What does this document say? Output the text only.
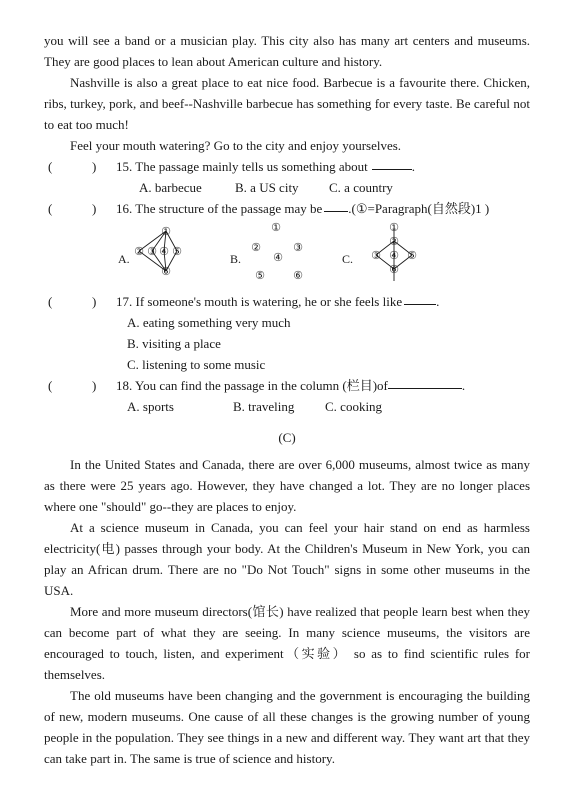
you will see a band or a musician play. This city also has many art centers and museums. They are good places to lean about American culture and history.

Nashville is also a great place to eat nice food. Barbecue is a favourite there. Chicken, ribs, turkey, pork, and beef--Nashville barbecue has something for every taste. Be careful not to eat too much!

Feel your mouth watering? Go to the city and enjoy yourselves.

(	) 15. The passage mainly tells us something about	.
A. barbecue	B. a US city	C. a country
(	) 16. The structure of the passage may be .(①=Paragraph(自然段)1 )
A.
①
② ③ ④ ⑤
⑥
B.
①
②	③
④
⑤	⑥
C.
①
②
③ ④ ⑤
⑥
(	) 17. If someone's mouth is watering, he or she feels like	.
A. eating something very much
B. visiting a place
C. listening to some music
(	) 18. You can find the passage in the column (栏目)of	.
A. sports	B. traveling	C. cooking
(C)

In the United States and Canada, there are over 6,000 museums, almost twice as many as there were 25 years ago. However, they have changed a lot. They are no longer places where one "should" go--they are places to enjoy.

At a science museum in Canada, you can feel your hair stand on end as harmless electricity(电) passes through your body. At the Children's Museum in New York, you can play an African drum. There are no "Do Not Touch" signs in some other museums in the USA.

More and more museum directors(馆长) have realized that people learn best when they can become part of what they are seeing. In many science museums, the visitors are encouraged to touch, listen, and experiment（实验） so as to find scientific rules for themselves.

The old museums have been changing and the government is encouraging the building of new, modern museums. One cause of all these changes is the growing number of young people in the population. They see things in a new and different way. They want art that they can take part in. The same is true of science and history.
